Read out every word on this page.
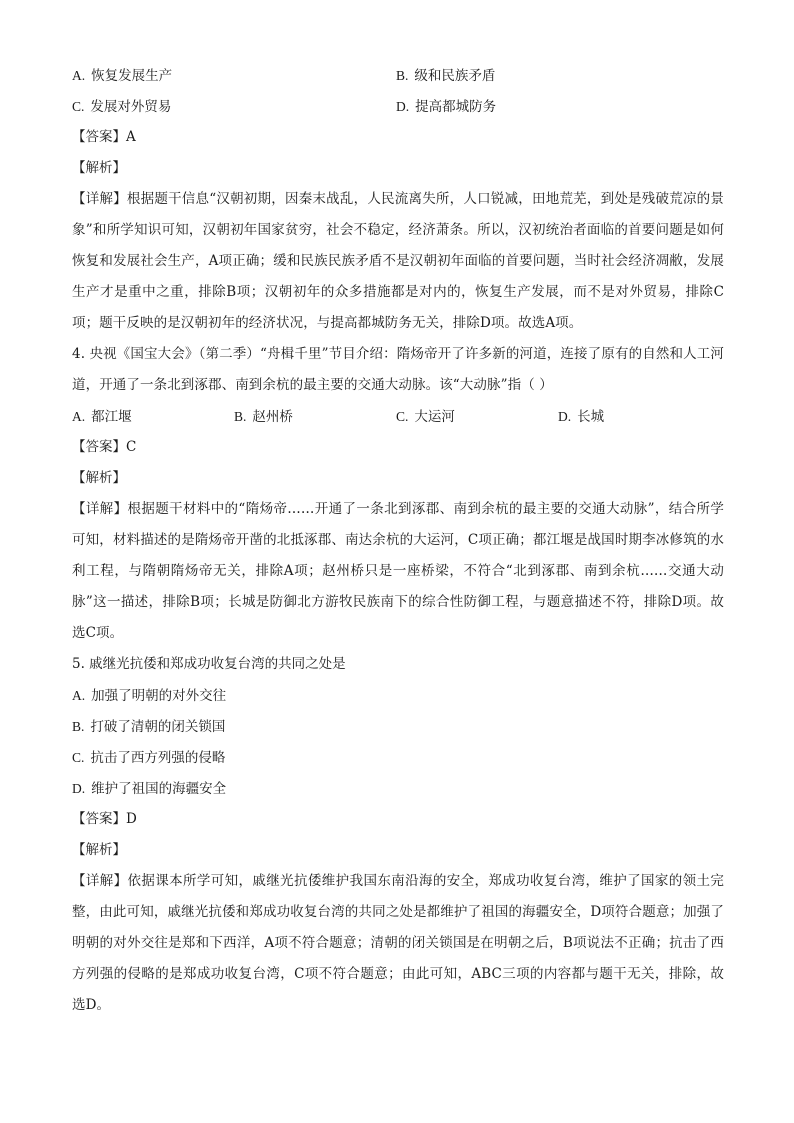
A. 恢复发展生产	B. 级和民族矛盾
C. 发展对外贸易	D. 提高都城防务
【答案】A
【解析】
【详解】根据题干信息“汉朝初期，因秦末战乱，人民流离失所，人口锐减，田地荒芜，到处是残破荒凉的景象”和所学知识可知，汉朝初年国家贫穷，社会不稳定，经济萧条。所以，汉初统治者面临的首要问题是如何恢复和发展社会生产，A项正确；缓和民族民族矛盾不是汉朝初年面临的首要问题，当时社会经济凋敝，发展生产才是重中之重，排除B项；汉朝初年的众多措施都是对内的，恢复生产发展，而不是对外贸易，排除C项；题干反映的是汉朝初年的经济状况，与提高都城防务无关，排除D项。故选A项。
4. 央视《国宝大会》（第二季）“舟楫千里”节目介绍：隋炀帝开了许多新的河道，连接了原有的自然和人工河道，开通了一条北到涿郡、南到余杭的最主要的交通大动脉。该“大动脉”指（ ）
A. 都江堰	B. 赵州桥	C. 大运河	D. 长城
【答案】C
【解析】
【详解】根据题干材料中的“隋炀帝……开通了一条北到涿郡、南到余杭的最主要的交通大动脉”，结合所学可知，材料描述的是隋炀帝开凿的北抵涿郡、南达余杭的大运河，C项正确；都江堰是战国时期李冰修筑的水利工程，与隋朝隋炀帝无关，排除A项；赵州桥只是一座桥梁，不符合“北到涿郡、南到余杭……交通大动脉”这一描述，排除B项；长城是防御北方游牧民族南下的综合性防御工程，与题意描述不符，排除D项。故选C项。
5. 戚继光抗倭和郑成功收复台湾的共同之处是
A. 加强了明朝的对外交往
B. 打破了清朝的闭关锁国
C. 抗击了西方列强的侵略
D. 维护了祖国的海疆安全
【答案】D
【解析】
【详解】依据课本所学可知，戚继光抗倭维护我国东南沿海的安全，郑成功收复台湾，维护了国家的领土完整，由此可知，戚继光抗倭和郑成功收复台湾的共同之处是都维护了祖国的海疆安全，D项符合题意；加强了明朝的对外交往是郑和下西洋，A项不符合题意；清朝的闭关锁国是在明朝之后，B项说法不正确；抗击了西方列强的侵略的是郑成功收复台湾，C项不符合题意；由此可知，ABC三项的内容都与题干无关，排除，故选D。
